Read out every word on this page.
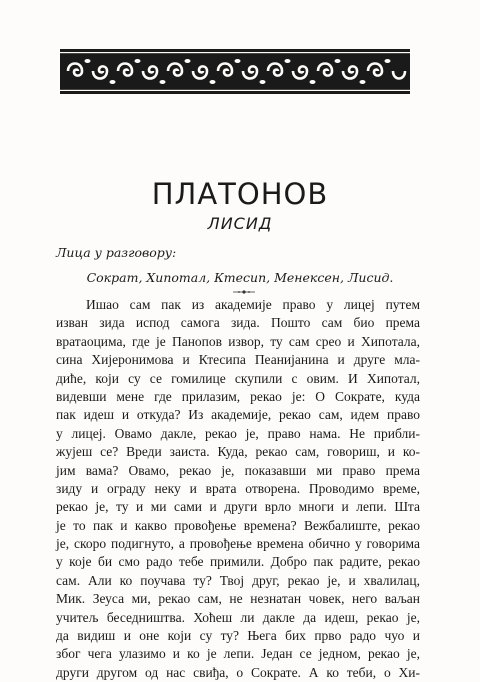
ПЛАТОНОВ
ЛИСИД
Лица у разговору:
Сократ, Хипотал, Ктесип, Менексен, Лисид.
Ишао сам пак из академије право у лицеј путем
изван зида испод самога зида. Пошто сам био према
вратаоцима, где је Панопов извор, ту сам срео и Хипотала,
сина Хијеронимова и Ктесипа Пеанијанина и друге мла-
диће, који су се гомилице скупили с овим. И Хипотал,
видевши мене где прилазим, рекао је: О Сократе, куда
пак идеш и откуда? Из академије, рекао сам, идем право
у лицеј. Овамо дакле, рекао је, право нама. Не прибли-
жујеш се? Вреди заиста. Куда, рекао сам, говориш, и ко-
јим вама? Овамо, рекао је, показавши ми право према
зиду и ограду неку и врата отворена. Проводимо време,
рекао је, ту и ми сами и други врло многи и лепи. Шта
је то пак и какво провођење времена? Вежбалиште, рекао
је, скоро подигнуто, а провођење времена обично у говорима
у које би смо радо тебе примили. Добро пак радите, рекао
сам. Али ко поучава ту? Твој друг, рекао је, и хвалилац,
Мик. Зеуса ми, рекао сам, не незнатан човек, него ваљан
учитељ беседништва. Хоћеш ли дакле да идеш, рекао је,
да видиш и оне који су ту? Њега бих прво радо чуо и
због чега улазимо и ко је лепи. Један се једном, рекао је,
други другом од нас свиђа, о Сократе. А ко теби, о Хи-
